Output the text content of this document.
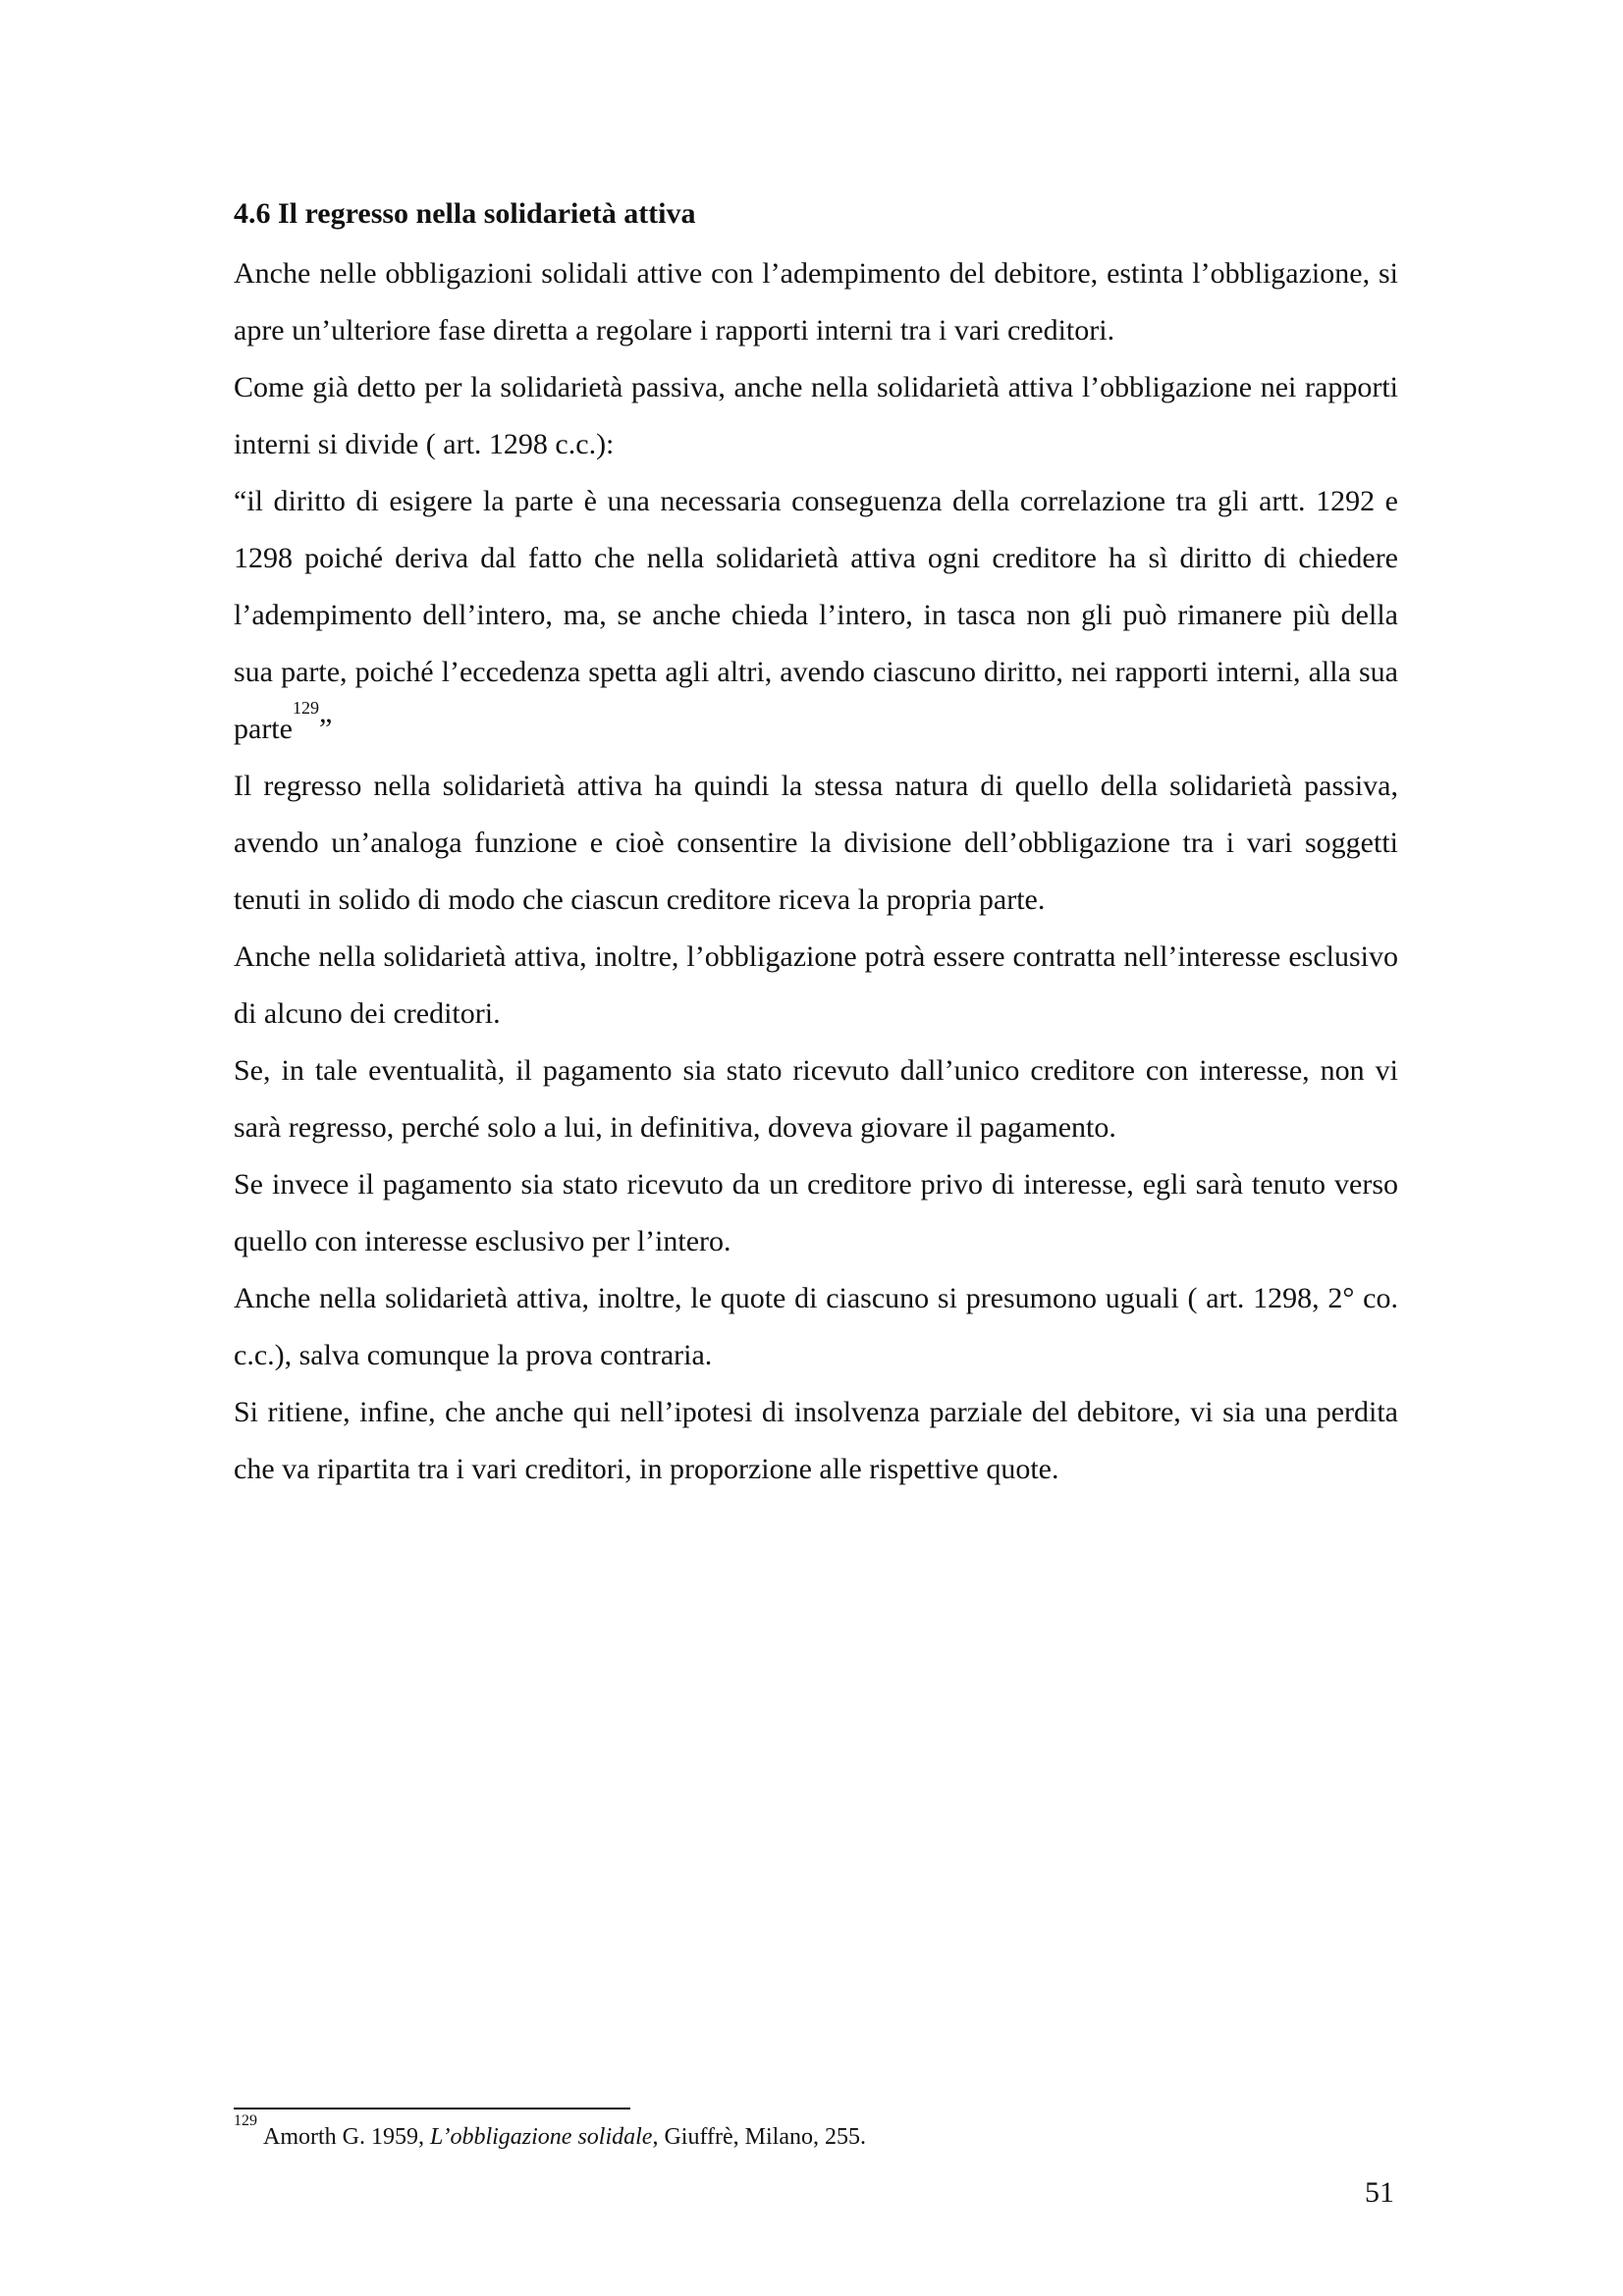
4.6 Il regresso nella solidarietà attiva

Anche nelle obbligazioni solidali attive con l’adempimento del debitore, estinta l’obbligazione, si apre un’ulteriore fase diretta a regolare i rapporti interni tra i vari creditori.

Come già detto per la solidarietà passiva, anche nella solidarietà attiva l’obbligazione nei rapporti interni si divide ( art. 1298 c.c.):

“il diritto di esigere la parte è una necessaria conseguenza della correlazione tra gli artt. 1292 e 1298 poiché deriva dal fatto che nella solidarietà attiva ogni creditore ha sì diritto di chiedere l’adempimento dell’intero, ma, se anche chieda l’intero, in tasca non gli può rimanere più della sua parte, poiché l’eccedenza spetta agli altri, avendo ciascuno diritto, nei rapporti interni, alla sua parte$^{129}$”

Il regresso nella solidarietà attiva ha quindi la stessa natura di quello della solidarietà passiva, avendo un’analoga funzione e cioè consentire la divisione dell’obbligazione tra i vari soggetti tenuti in solido di modo che ciascun creditore riceva la propria parte.

Anche nella solidarietà attiva, inoltre, l’obbligazione potrà essere contratta nell’interesse esclusivo di alcuno dei creditori.

Se, in tale eventualità, il pagamento sia stato ricevuto dall’unico creditore con interesse, non vi sarà regresso, perché solo a lui, in definitiva, doveva giovare il pagamento.

Se invece il pagamento sia stato ricevuto da un creditore privo di interesse, egli sarà tenuto verso quello con interesse esclusivo per l’intero.

Anche nella solidarietà attiva, inoltre, le quote di ciascuno si presumono uguali ( art. 1298, 2° co. c.c.), salva comunque la prova contraria.

Si ritiene, infine, che anche qui nell’ipotesi di insolvenza parziale del debitore, vi sia una perdita che va ripartita tra i vari creditori, in proporzione alle rispettive quote.

$^{129}$Amorth G. 1959, L’obbligazione solidale, Giuffrè, Milano, 255.
51
